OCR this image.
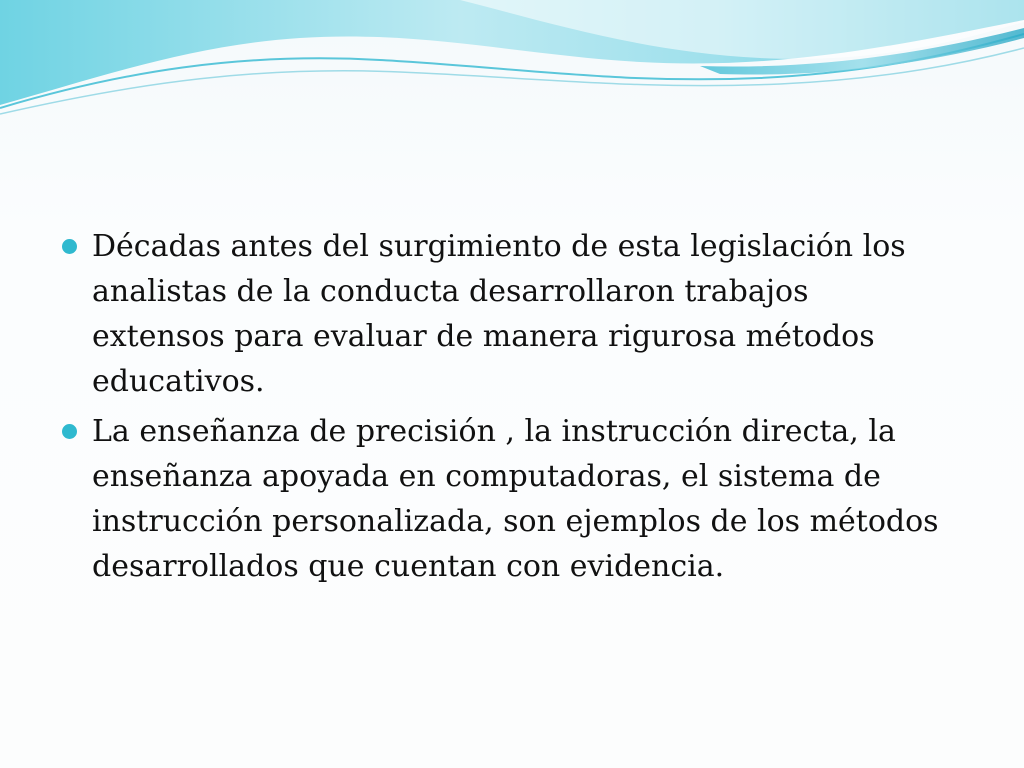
Décadas antes del surgimiento de esta legislación los analistas de la conducta desarrollaron trabajos extensos para evaluar de manera rigurosa métodos educativos.
La enseñanza de precisión , la instrucción directa, la enseñanza apoyada en computadoras, el sistema de instrucción personalizada, son ejemplos de los métodos desarrollados que cuentan con evidencia.
